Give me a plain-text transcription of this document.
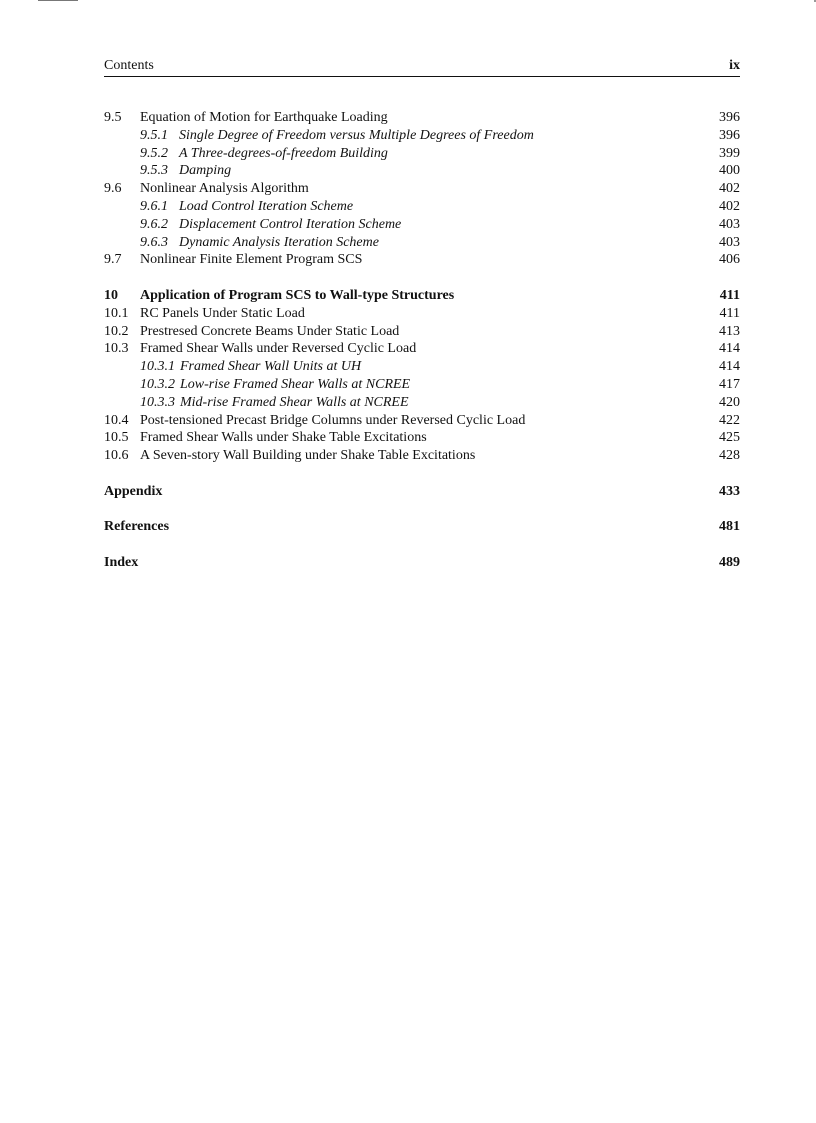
Contents	ix
9.5 Equation of Motion for Earthquake Loading	396
9.5.1 Single Degree of Freedom versus Multiple Degrees of Freedom	396
9.5.2 A Three-degrees-of-freedom Building	399
9.5.3 Damping	400
9.6 Nonlinear Analysis Algorithm	402
9.6.1 Load Control Iteration Scheme	402
9.6.2 Displacement Control Iteration Scheme	403
9.6.3 Dynamic Analysis Iteration Scheme	403
9.7 Nonlinear Finite Element Program SCS	406
10 Application of Program SCS to Wall-type Structures	411
10.1 RC Panels Under Static Load	411
10.2 Prestresed Concrete Beams Under Static Load	413
10.3 Framed Shear Walls under Reversed Cyclic Load	414
10.3.1 Framed Shear Wall Units at UH	414
10.3.2 Low-rise Framed Shear Walls at NCREE	417
10.3.3 Mid-rise Framed Shear Walls at NCREE	420
10.4 Post-tensioned Precast Bridge Columns under Reversed Cyclic Load	422
10.5 Framed Shear Walls under Shake Table Excitations	425
10.6 A Seven-story Wall Building under Shake Table Excitations	428
Appendix	433
References	481
Index	489
